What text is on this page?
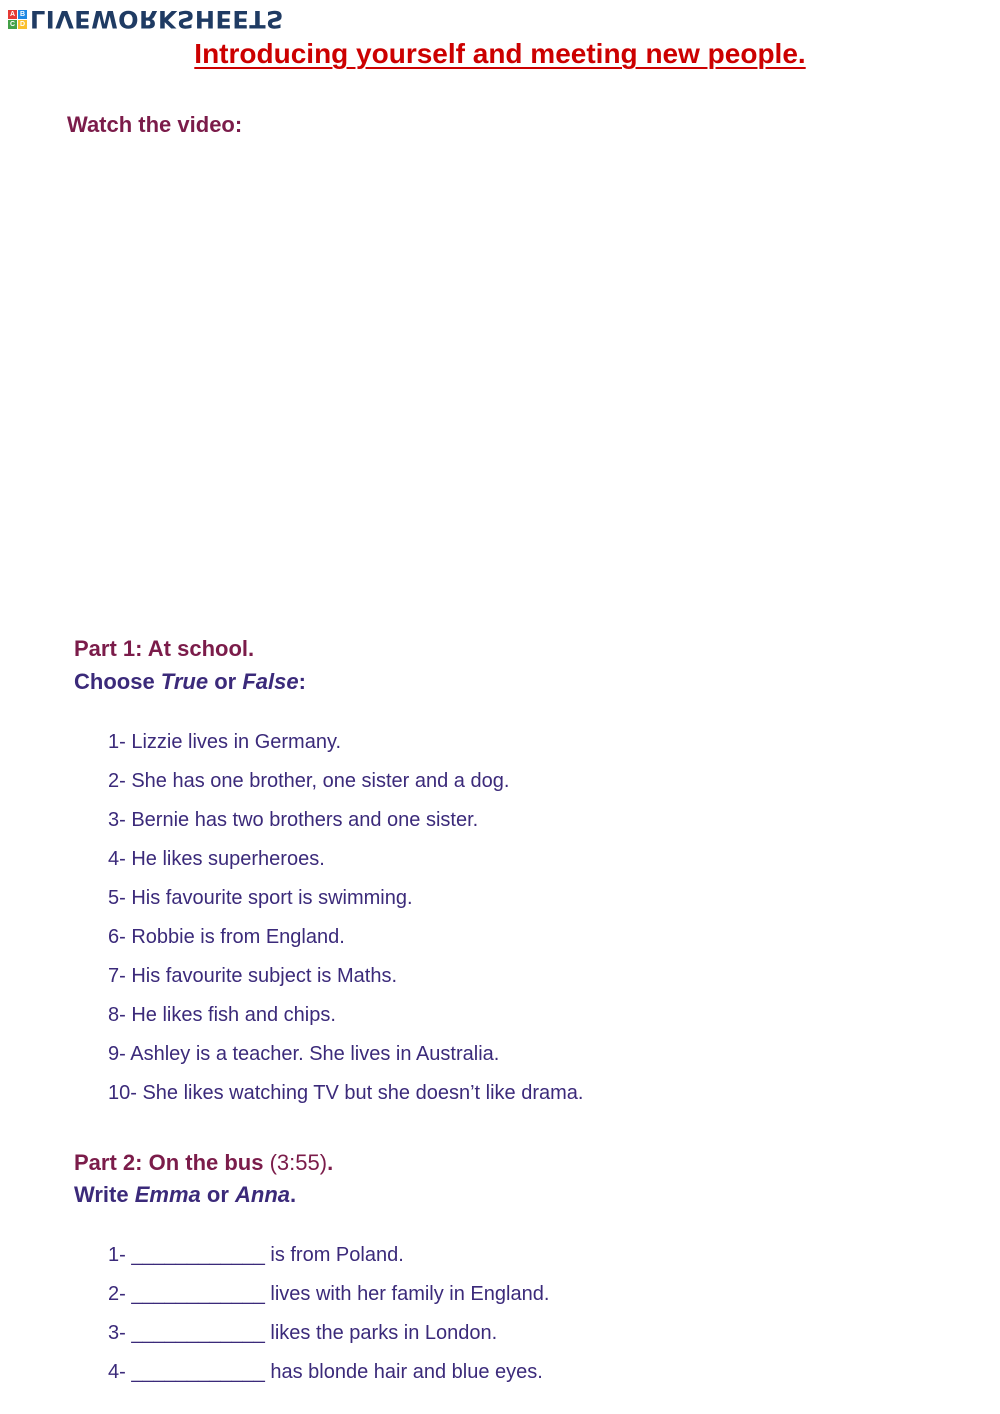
A B
C D LIVEWORKSHEETS
Introducing yourself and meeting new people.

Watch the video:

Part 1: At school.

Choose True or False:

1- Lizzie lives in Germany.
2- She has one brother, one sister and a dog.
3- Bernie has two brothers and one sister.
4- He likes superheroes.
5- His favourite sport is swimming.
6- Robbie is from England.
7- His favourite subject is Maths.
8- He likes fish and chips.
9- Ashley is a teacher. She lives in Australia.
10- She likes watching TV but she doesn’t like drama.

Part 2: On the bus (3:55).

Write Emma or Anna.

1- ____________ is from Poland.
2- ____________ lives with her family in England.
3- ____________ likes the parks in London.
4- ____________ has blonde hair and blue eyes.
